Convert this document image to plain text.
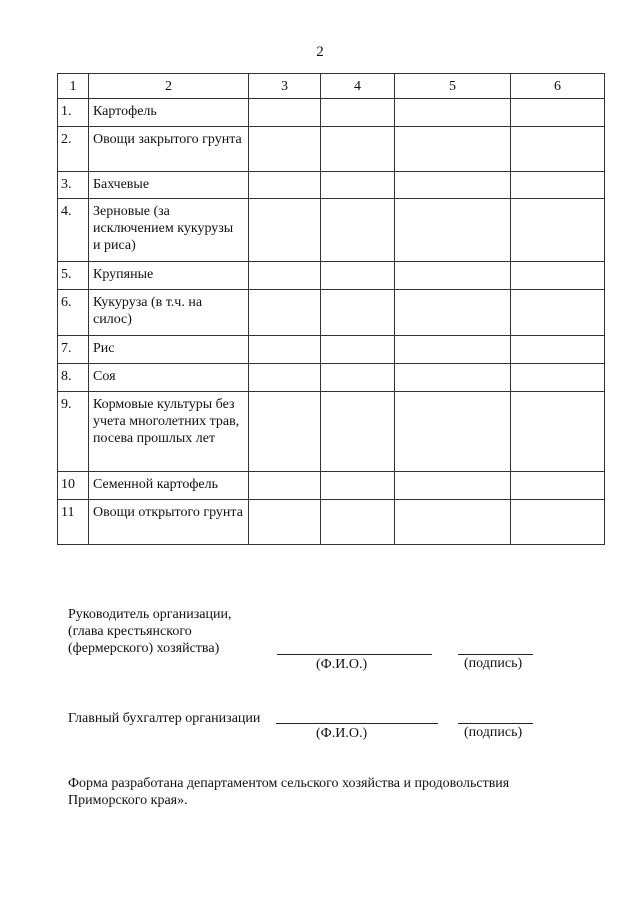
2
1	2	3	4	5	6
1.	Картофель				
2.	Овощи закрытого грунта				
3.	Бахчевые				
4.	Зерновые (за исключением кукурузы и риса)				
5.	Крупяные				
6.	Кукуруза (в т.ч. на силос)				
7.	Рис				
8.	Соя				
9.	Кормовые культуры без учета многолетних трав, посева прошлых лет				
10	Семенной картофель				
11	Овощи открытого грунта				
Руководитель организации,
(глава крестьянского
(фермерского) хозяйства)
(Ф.И.О.)	(подпись)
Главный бухгалтер организации
(Ф.И.О.)	(подпись)
Форма разработана департаментом сельского хозяйства и продовольствия
Приморского края».
